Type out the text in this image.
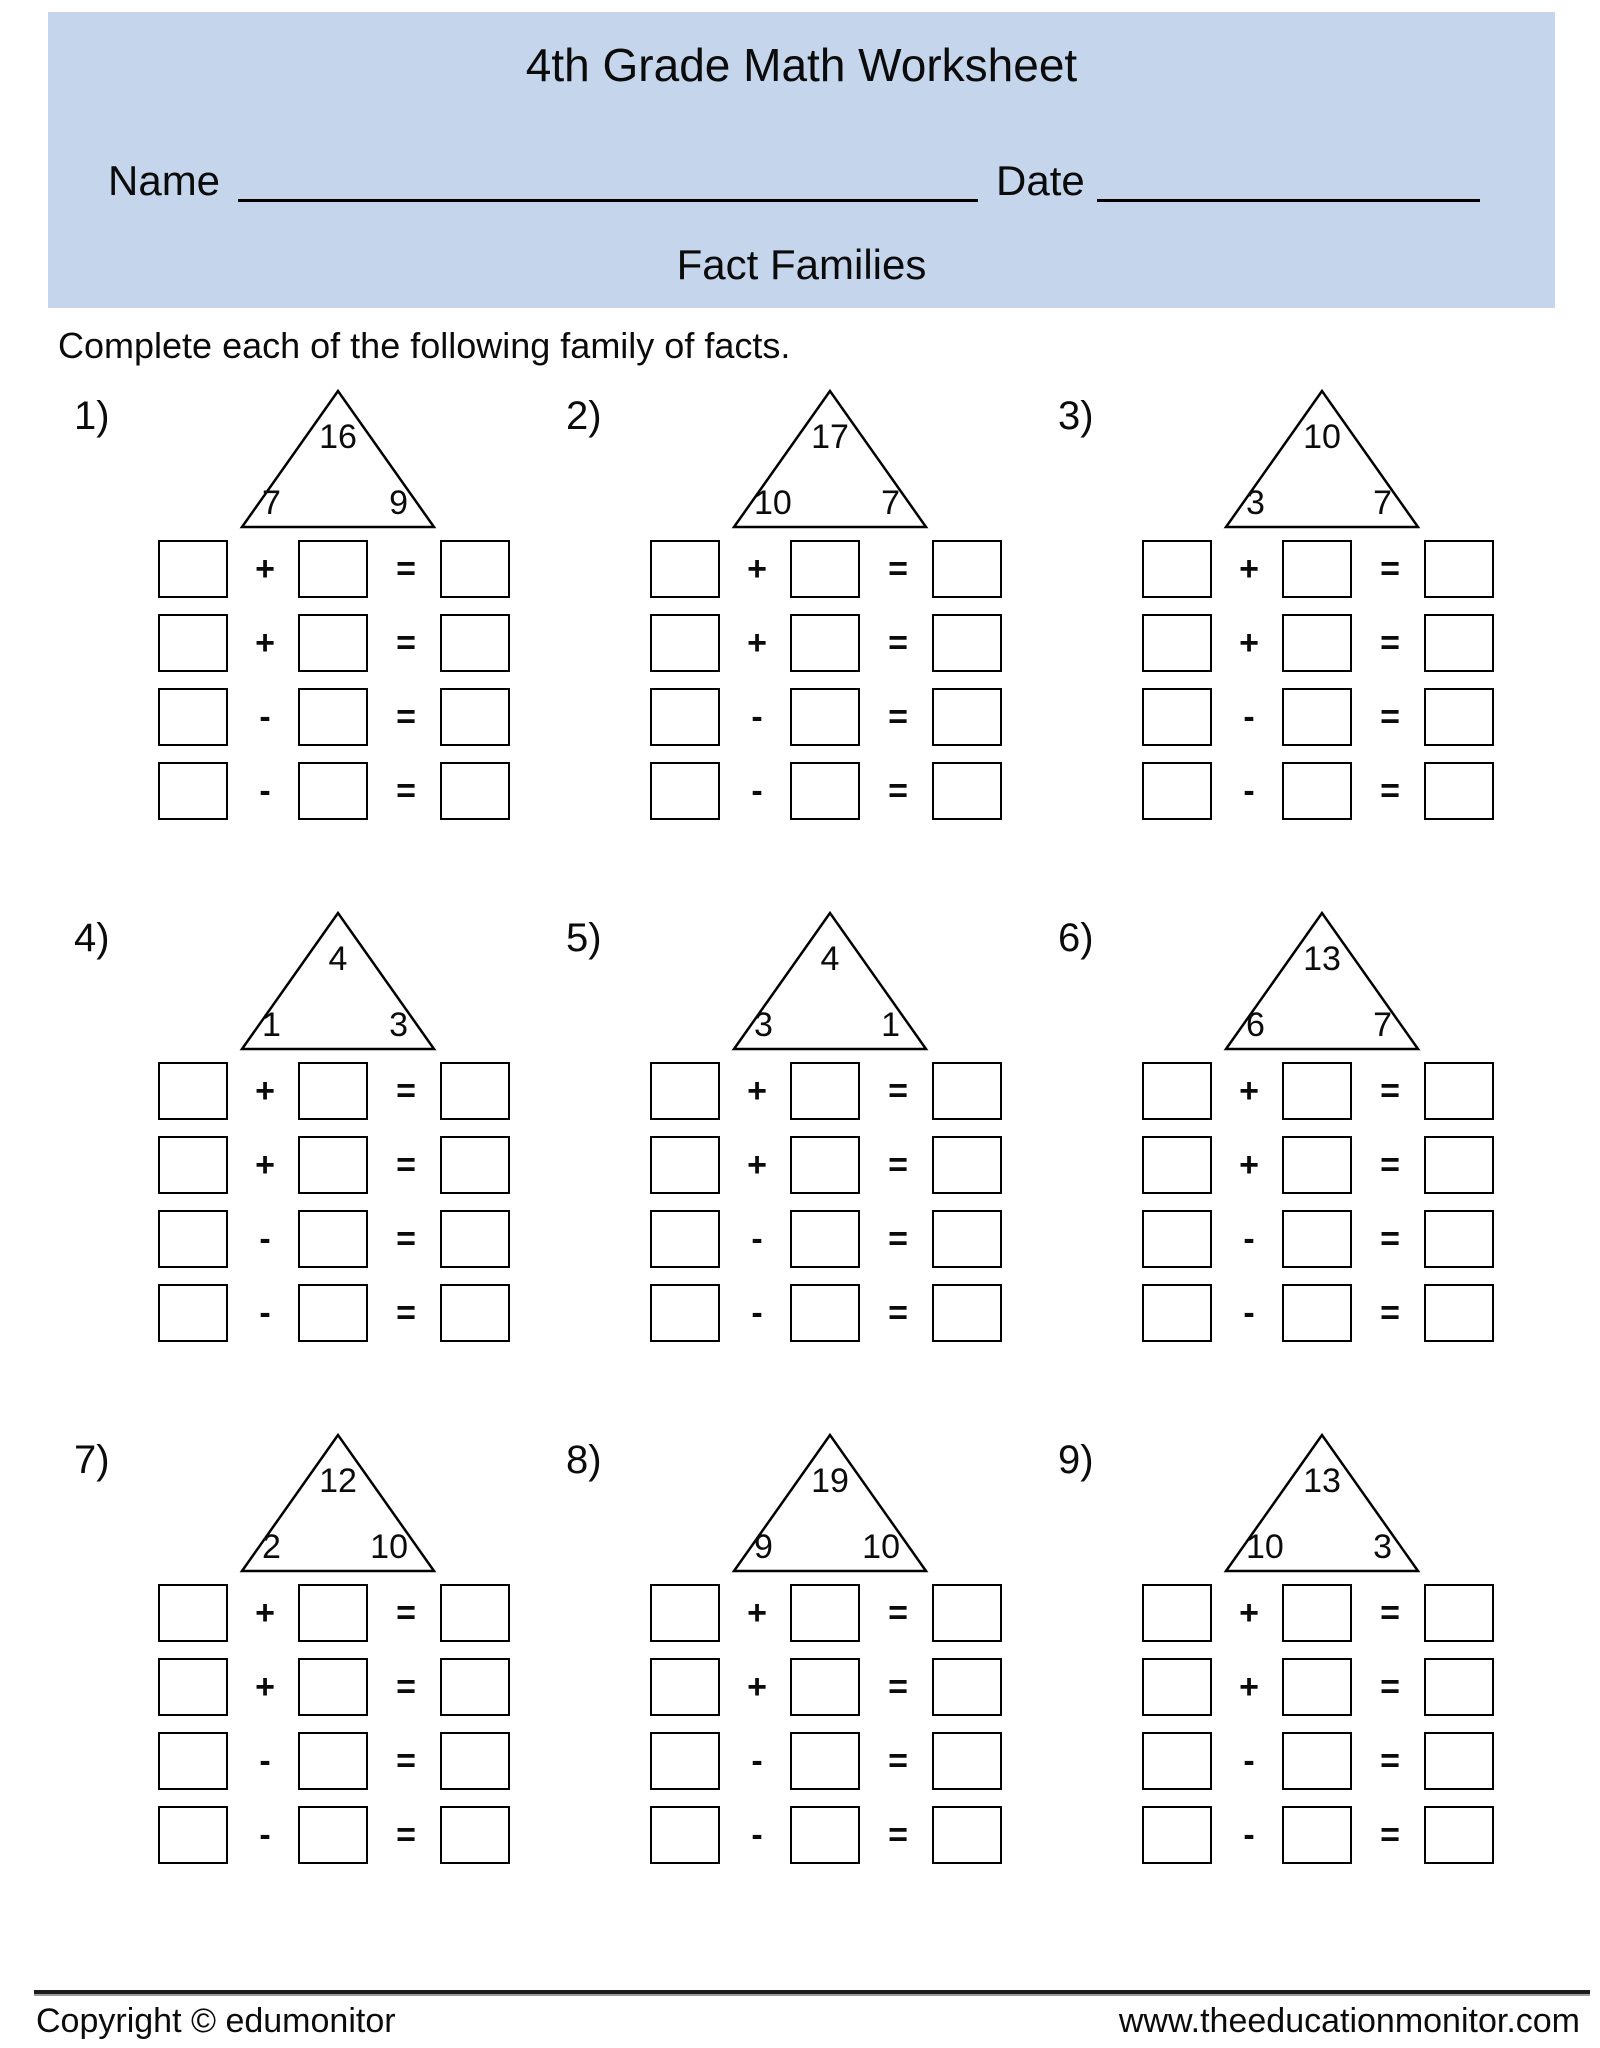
4th Grade Math Worksheet
Name	Date
Fact Families
Complete each of the following family of facts.
1)	16
7	9
+	=
+	=
-	=
-	=
2)	17
10	7
+	=
+	=
-	=
-	=
3)	10
3	7
+	=
+	=
-	=
-	=
4)	4
1	3
+	=
+	=
-	=
-	=
5)	4
3	1
+	=
+	=
-	=
-	=
6)	13
6	7
+	=
+	=
-	=
-	=
7)	12
2	10
+	=
+	=
-	=
-	=
8)	19
9	10
+	=
+	=
-	=
-	=
9)	13
10	3
+	=
+	=
-	=
-	=
Copyright © edumonitor	www.theeducationmonitor.com
